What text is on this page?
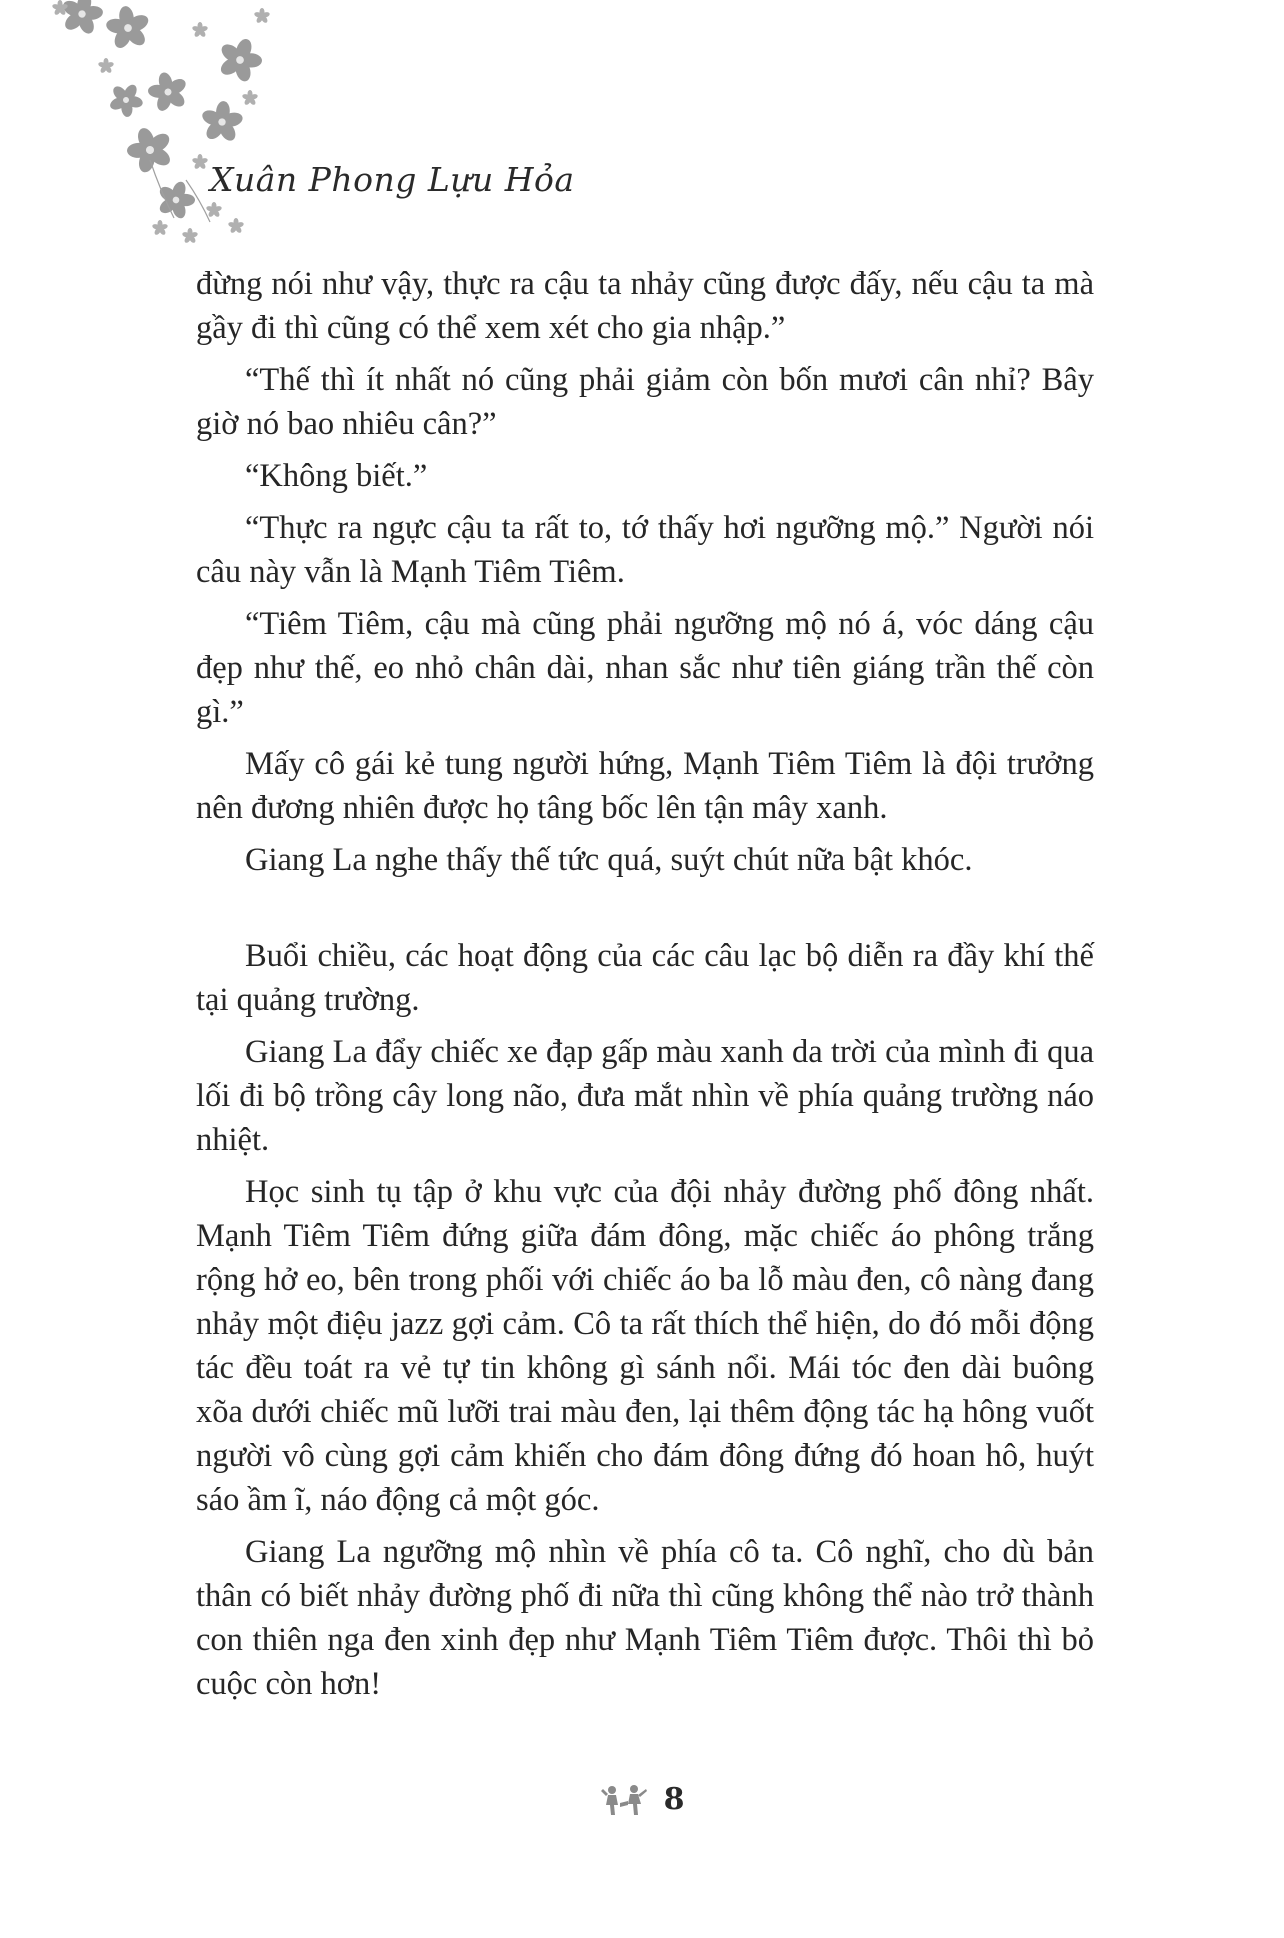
Xuân Phong Lựu Hỏa

đừng nói như vậy, thực ra cậu ta nhảy cũng được đấy, nếu cậu ta mà gầy đi thì cũng có thể xem xét cho gia nhập.”

“Thế thì ít nhất nó cũng phải giảm còn bốn mươi cân nhỉ? Bây giờ nó bao nhiêu cân?”

“Không biết.”

“Thực ra ngực cậu ta rất to, tớ thấy hơi ngưỡng mộ.” Người nói câu này vẫn là Mạnh Tiêm Tiêm.

“Tiêm Tiêm, cậu mà cũng phải ngưỡng mộ nó á, vóc dáng cậu đẹp như thế, eo nhỏ chân dài, nhan sắc như tiên giáng trần thế còn gì.”

Mấy cô gái kẻ tung người hứng, Mạnh Tiêm Tiêm là đội trưởng nên đương nhiên được họ tâng bốc lên tận mây xanh.

Giang La nghe thấy thế tức quá, suýt chút nữa bật khóc.

Buổi chiều, các hoạt động của các câu lạc bộ diễn ra đầy khí thế tại quảng trường.

Giang La đẩy chiếc xe đạp gấp màu xanh da trời của mình đi qua lối đi bộ trồng cây long não, đưa mắt nhìn về phía quảng trường náo nhiệt.

Học sinh tụ tập ở khu vực của đội nhảy đường phố đông nhất. Mạnh Tiêm Tiêm đứng giữa đám đông, mặc chiếc áo phông trắng rộng hở eo, bên trong phối với chiếc áo ba lỗ màu đen, cô nàng đang nhảy một điệu jazz gợi cảm. Cô ta rất thích thể hiện, do đó mỗi động tác đều toát ra vẻ tự tin không gì sánh nổi. Mái tóc đen dài buông xõa dưới chiếc mũ lưỡi trai màu đen, lại thêm động tác hạ hông vuốt người vô cùng gợi cảm khiến cho đám đông đứng đó hoan hô, huýt sáo ầm ĩ, náo động cả một góc.

Giang La ngưỡng mộ nhìn về phía cô ta. Cô nghĩ, cho dù bản thân có biết nhảy đường phố đi nữa thì cũng không thể nào trở thành con thiên nga đen xinh đẹp như Mạnh Tiêm Tiêm được. Thôi thì bỏ cuộc còn hơn!

8
